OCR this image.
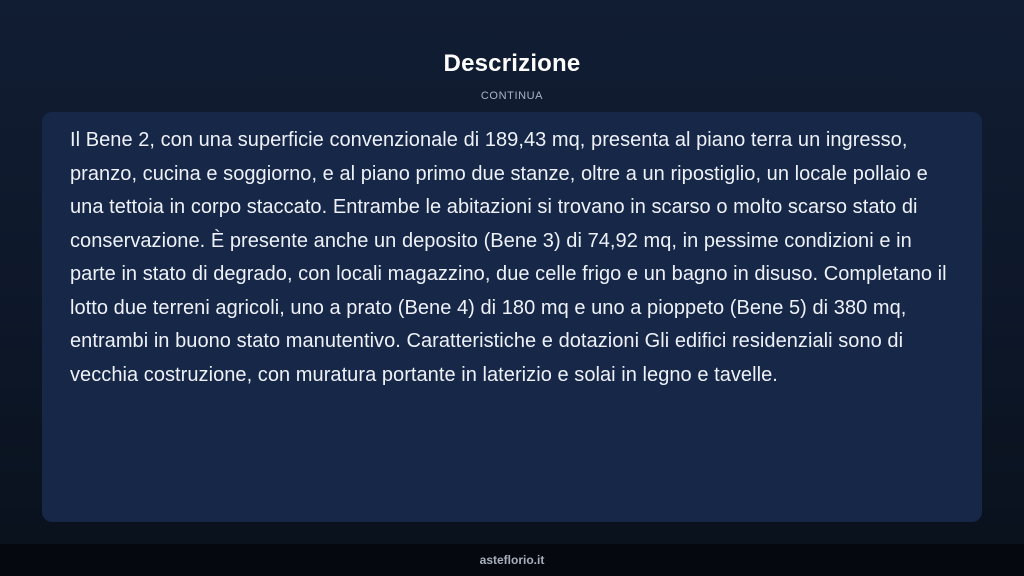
Descrizione
CONTINUA

Il Bene 2, con una superficie convenzionale di 189,43 mq, presenta al piano terra un ingresso, pranzo, cucina e soggiorno, e al piano primo due stanze, oltre a un ripostiglio, un locale pollaio e una tettoia in corpo staccato. Entrambe le abitazioni si trovano in scarso o molto scarso stato di conservazione. È presente anche un deposito (Bene 3) di 74,92 mq, in pessime condizioni e in parte in stato di degrado, con locali magazzino, due celle frigo e un bagno in disuso. Completano il lotto due terreni agricoli, uno a prato (Bene 4) di 180 mq e uno a pioppeto (Bene 5) di 380 mq, entrambi in buono stato manutentivo. Caratteristiche e dotazioni Gli edifici residenziali sono di vecchia costruzione, con muratura portante in laterizio e solai in legno e tavelle.

asteflorio.it
